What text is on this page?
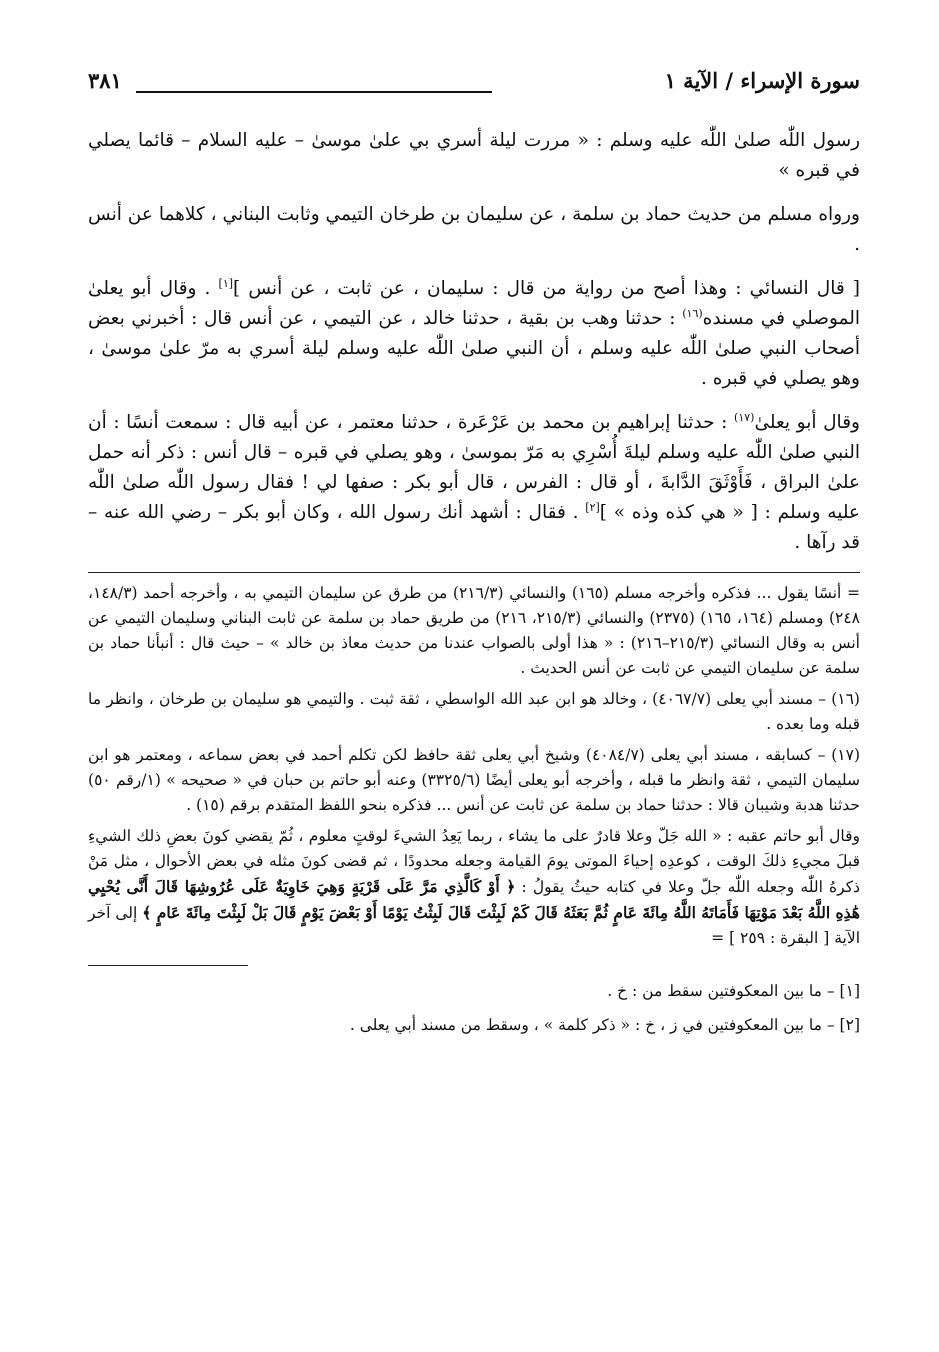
سورة الإسراء / الآية ١
٣٨١

رسول اللّٰه صلىٰ اللّٰه عليه وسلم : « مررت ليلة أسري بي علىٰ موسىٰ – عليه السلام – قائما يصلي في قبره »

ورواه مسلم من حديث حماد بن سلمة ، عن سليمان بن طرخان التيمي وثابت البناني ، كلاهما عن أنس .

[ قال النسائي : وهذا أصح من رواية من قال : سليمان ، عن ثابت ، عن أنس ][١] . وقال أبو يعلىٰ الموصلي في مسنده$^{(١٦)}$ : حدثنا وهب بن بقية ، حدثنا خالد ، عن التيمي ، عن أنس قال : أخبرني بعض أصحاب النبي صلىٰ اللّٰه عليه وسلم ، أن النبي صلىٰ اللّٰه عليه وسلم ليلة أسري به مرّ علىٰ موسىٰ ، وهو يصلي في قبره .

وقال أبو يعلىٰ$^{(١٧)}$ : حدثنا إبراهيم بن محمد بن عَرْعَرة ، حدثنا معتمر ، عن أبيه قال : سمعت أنسًا : أن النبي صلىٰ اللّٰه عليه وسلم ليلةَ أُسْرِي به مَرّ بموسىٰ ، وهو يصلي في قبره – قال أنس : ذكر أنه حمل علىٰ البراق ، فَأَوْثَقَ الدَّابةَ ، أو قال : الفرس ، قال أبو بكر : صفها لي ! فقال رسول اللّٰه صلىٰ اللّٰه عليه وسلم : [ « هي كذه وذه » ][٢] . فقال : أشهد أنك رسول الله ، وكان أبو بكر – رضي الله عنه – قد رآها .

= أنسًا يقول ... فذكره وأخرجه مسلم (١٦٥) والنسائي (٢١٦/٣) من طرق عن سليمان التيمي به ، وأخرجه أحمد (١٤٨/٣، ٢٤٨) ومسلم (١٦٤، ١٦٥) (٢٣٧٥) والنسائي (٢١٥/٣، ٢١٦) من طريق حماد بن سلمة عن ثابت البناني وسليمان التيمي عن أنس به وقال النسائي (٢١٥/٣–٢١٦) : « هذا أولى بالصواب عندنا من حديث معاذ بن خالد » – حيث قال : أنبأنا حماد بن سلمة عن سليمان التيمي عن ثابت عن أنس الحديث .

(١٦) – مسند أبي يعلى (٤٠٦٧/٧) ، وخالد هو ابن عبد الله الواسطي ، ثقة ثبت . والتيمي هو سليمان بن طرخان ، وانظر ما قبله وما بعده .

(١٧) – كسابقه ، مسند أبي يعلى (٤٠٨٤/٧) وشيخ أبي يعلى ثقة حافظ لكن تكلم أحمد في بعض سماعه ، ومعتمر هو ابن سليمان التيمي ، ثقة وانظر ما قبله ، وأخرجه أبو يعلى أيضًا (٣٣٢٥/٦) وعنه أبو حاتم بن حبان في « صحيحه » (١/رقم ٥٠) حدثنا هدبة وشيبان قالا : حدثنا حماد بن سلمة عن ثابت عن أنس ... فذكره بنحو اللفظ المتقدم برقم (١٥) .

وقال أبو حاتم عقبه : « الله جَلّ وعلا قادرٌ على ما يشاء ، ربما يَعِدُ الشيءَ لوقتٍ معلوم ، ثُمّ يقضي كونَ بعضِ ذلك الشيءِ قبلَ مجيءِ ذلكَ الوقت ، كوعدِه إحياءَ الموتى يومَ القيامة وجعله محدودًا ، ثم قضى كونَ مثله في بعض الأحوال ، مثل مَنْ ذكرهُ اللّٰه وجعله اللّٰه جلّ وعلا في كتابه حيثُ يقولُ : ﴿ أَوْ كَالَّذِي مَرَّ عَلَى قَرْيَةٍ وَهِيَ خَاوِيَةٌ عَلَى عُرُوشِهَا قَالَ أَنَّى يُحْيِي هَٰذِهِ اللَّهُ بَعْدَ مَوْتِهَا فَأَمَاتَهُ اللَّهُ مِائَةَ عَامٍ ثُمَّ بَعَثَهُ قَالَ كَمْ لَبِثْتَ قَالَ لَبِثْتُ يَوْمًا أَوْ بَعْضَ يَوْمٍ قَالَ بَلْ لَبِثْتَ مِائَةَ عَامٍ ﴾ إلى آخر الآية [ البقرة : ٢٥٩ ] =

[١] – ما بين المعكوفتين سقط من : خ .

[٢] – ما بين المعكوفتين في ز ، خ : « ذكر كلمة » ، وسقط من مسند أبي يعلى .
